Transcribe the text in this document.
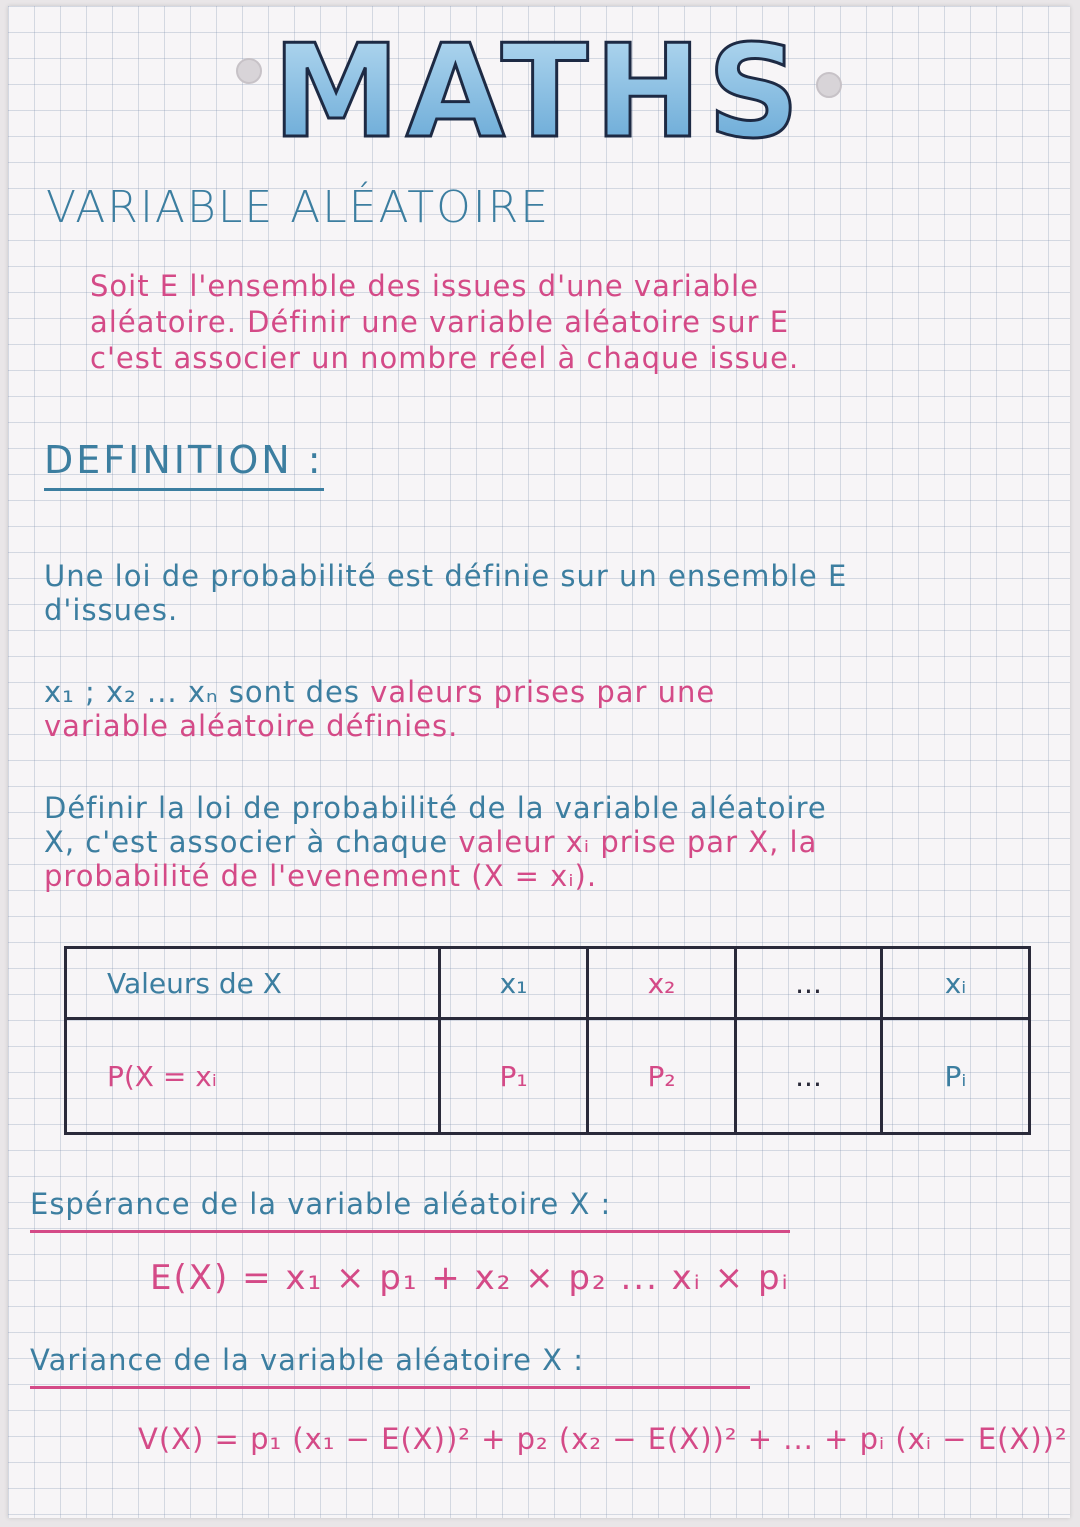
MATHS

VARIABLE ALÉATOIRE

Soit E l'ensemble des issues d'une variable

aléatoire. Définir une variable aléatoire sur E

c'est associer un nombre réel à chaque issue.

DEFINITION :

Une loi de probabilité est définie sur un ensemble E

d'issues.

x₁ ; x₂ ... xₙ sont des valeurs prises par une

variable aléatoire définies.

Définir la loi de probabilité de la variable aléatoire

X, c'est associer à chaque valeur xᵢ prise par X, la

probabilité de l'evenement (X = xᵢ).

Valeurs de X	x₁	x₂	...	xᵢ
P(X = xᵢ	P₁	P₂	...	Pᵢ

Espérance de la variable aléatoire X :

E(X) = x₁ × p₁ + x₂ × p₂ ... xᵢ × pᵢ

Variance de la variable aléatoire X :

V(X) = p₁ (x₁ − E(X))² + p₂ (x₂ − E(X))² + ... + pᵢ (xᵢ − E(X))²
